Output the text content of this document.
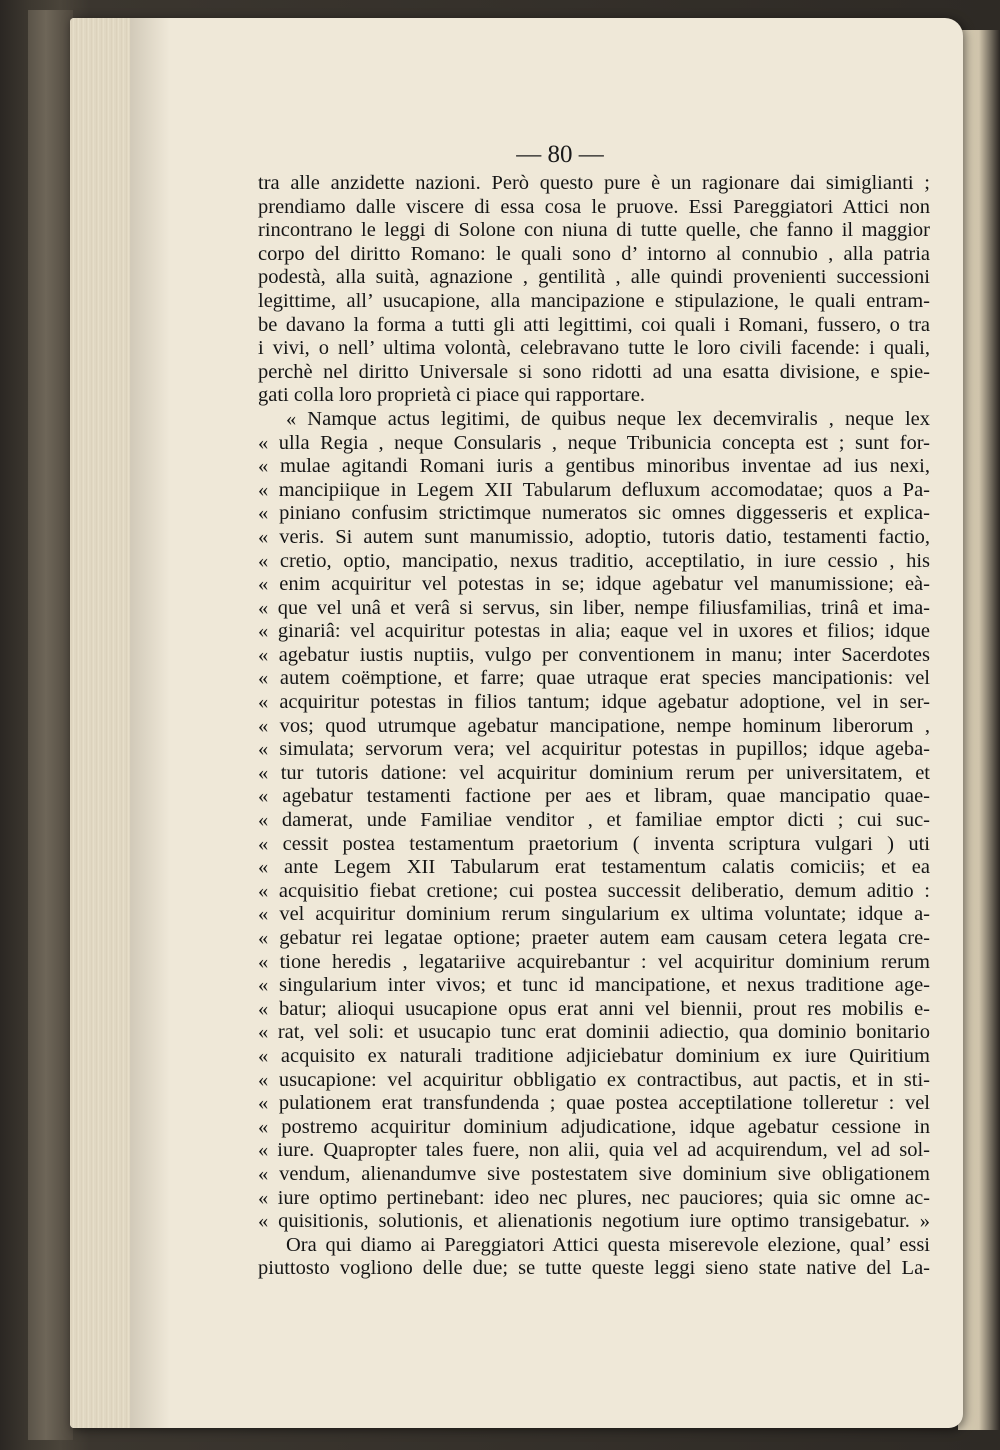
— 80 —

tra alle anzidette nazioni. Però questo pure è un ragionare dai simiglianti ;
prendiamo dalle viscere di essa cosa le pruove. Essi Pareggiatori Attici non
rincontrano le leggi di Solone con niuna di tutte quelle, che fanno il maggior
corpo del diritto Romano: le quali sono d’ intorno al connubio , alla patria
podestà, alla suità, agnazione , gentilità , alle quindi provenienti successioni
legittime, all’ usucapione, alla mancipazione e stipulazione, le quali entram-
be davano la forma a tutti gli atti legittimi, coi quali i Romani, fussero, o tra
i vivi, o nell’ ultima volontà, celebravano tutte le loro civili facende: i quali,
perchè nel diritto Universale si sono ridotti ad una esatta divisione, e spie-
gati colla loro proprietà ci piace qui rapportare.
« Namque actus legitimi, de quibus neque lex decemviralis , neque lex
« ulla Regia , neque Consularis , neque Tribunicia concepta est ; sunt for-
« mulae agitandi Romani iuris a gentibus minoribus inventae ad ius nexi,
« mancipiique in Legem XII Tabularum defluxum accomodatae; quos a Pa-
« piniano confusim strictimque numeratos sic omnes diggesseris et explica-
« veris. Si autem sunt manumissio, adoptio, tutoris datio, testamenti factio,
« cretio, optio, mancipatio, nexus traditio, acceptilatio, in iure cessio , his
« enim acquiritur vel potestas in se; idque agebatur vel manumissione; eà-
« que vel unâ et verâ si servus, sin liber, nempe filiusfamilias, trinâ et ima-
« ginariâ: vel acquiritur potestas in alia; eaque vel in uxores et filios; idque
« agebatur iustis nuptiis, vulgo per conventionem in manu; inter Sacerdotes
« autem coëmptione, et farre; quae utraque erat species mancipationis: vel
« acquiritur potestas in filios tantum; idque agebatur adoptione, vel in ser-
« vos; quod utrumque agebatur mancipatione, nempe hominum liberorum ,
« simulata; servorum vera; vel acquiritur potestas in pupillos; idque ageba-
« tur tutoris datione: vel acquiritur dominium rerum per universitatem, et
« agebatur testamenti factione per aes et libram, quae mancipatio quae-
« damerat, unde Familiae venditor , et familiae emptor dicti ; cui suc-
« cessit postea testamentum praetorium ( inventa scriptura vulgari ) uti
« ante Legem XII Tabularum erat testamentum calatis comiciis; et ea
« acquisitio fiebat cretione; cui postea successit deliberatio, demum aditio :
« vel acquiritur dominium rerum singularium ex ultima voluntate; idque a-
« gebatur rei legatae optione; praeter autem eam causam cetera legata cre-
« tione heredis , legatariive acquirebantur : vel acquiritur dominium rerum
« singularium inter vivos; et tunc id mancipatione, et nexus traditione age-
« batur; alioqui usucapione opus erat anni vel biennii, prout res mobilis e-
« rat, vel soli: et usucapio tunc erat dominii adiectio, qua dominio bonitario
« acquisito ex naturali traditione adjiciebatur dominium ex iure Quiritium
« usucapione: vel acquiritur obbligatio ex contractibus, aut pactis, et in sti-
« pulationem erat transfundenda ; quae postea acceptilatione tolleretur : vel
« postremo acquiritur dominium adjudicatione, idque agebatur cessione in
« iure. Quapropter tales fuere, non alii, quia vel ad acquirendum, vel ad sol-
« vendum, alienandumve sive postestatem sive dominium sive obligationem
« iure optimo pertinebant: ideo nec plures, nec pauciores; quia sic omne ac-
« quisitionis, solutionis, et alienationis negotium iure optimo transigebatur. »
Ora qui diamo ai Pareggiatori Attici questa miserevole elezione, qual’ essi
piuttosto vogliono delle due; se tutte queste leggi sieno state native del La-
